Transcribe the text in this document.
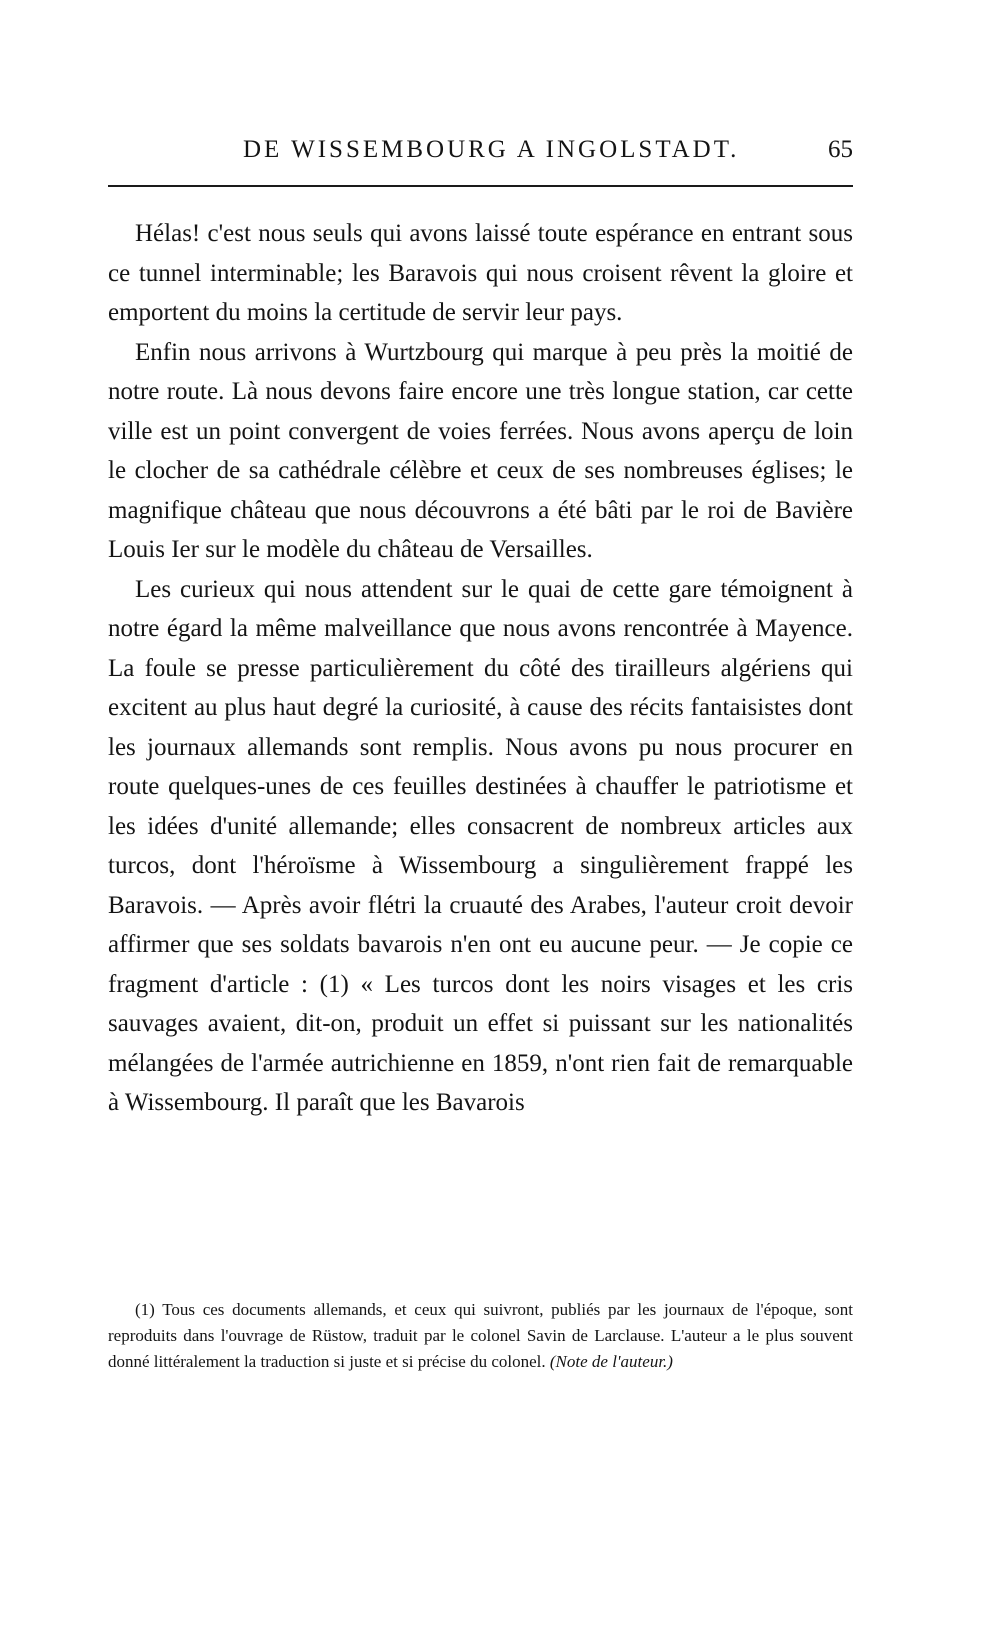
DE WISSEMBOURG A INGOLSTADT.	65

Hélas! c'est nous seuls qui avons laissé toute espérance en entrant sous ce tunnel interminable; les Baravois qui nous croisent rêvent la gloire et emportent du moins la certitude de servir leur pays.

Enfin nous arrivons à Wurtzbourg qui marque à peu près la moitié de notre route. Là nous devons faire encore une très longue station, car cette ville est un point convergent de voies ferrées. Nous avons aperçu de loin le clocher de sa cathédrale célèbre et ceux de ses nombreuses églises; le magnifique château que nous découvrons a été bâti par le roi de Bavière Louis Ier sur le modèle du château de Versailles.

Les curieux qui nous attendent sur le quai de cette gare témoignent à notre égard la même malveillance que nous avons rencontrée à Mayence. La foule se presse particulièrement du côté des tirailleurs algériens qui excitent au plus haut degré la curiosité, à cause des récits fantaisistes dont les journaux allemands sont remplis. Nous avons pu nous procurer en route quelques-unes de ces feuilles destinées à chauffer le patriotisme et les idées d'unité allemande; elles consacrent de nombreux articles aux turcos, dont l'héroïsme à Wissembourg a singulièrement frappé les Baravois. — Après avoir flétri la cruauté des Arabes, l'auteur croit devoir affirmer que ses soldats bavarois n'en ont eu aucune peur. — Je copie ce fragment d'article : (1) « Les turcos dont les noirs visages et les cris sauvages avaient, dit-on, produit un effet si puissant sur les nationalités mélangées de l'armée autrichienne en 1859, n'ont rien fait de remarquable à Wissembourg. Il paraît que les Bavarois

(1) Tous ces documents allemands, et ceux qui suivront, publiés par les journaux de l'époque, sont reproduits dans l'ouvrage de Rüstow, traduit par le colonel Savin de Larclause. L'auteur a le plus souvent donné littéralement la traduction si juste et si précise du colonel. (Note de l'auteur.)
